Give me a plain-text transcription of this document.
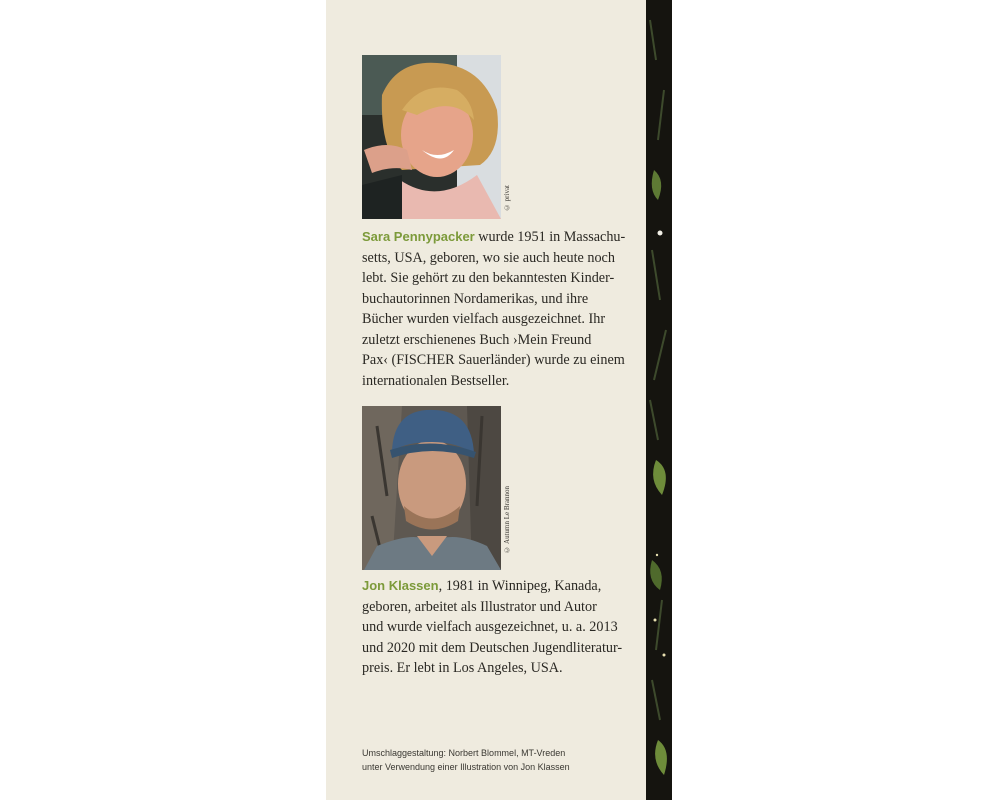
© privat
Sara Pennypacker wurde 1951 in Massachu-
setts, USA, geboren, wo sie auch heute noch
lebt. Sie gehört zu den bekanntesten Kinder-
buchautorinnen Nordamerikas, und ihre
Bücher wurden vielfach ausgezeichnet. Ihr
zuletzt erschienenes Buch ›Mein Freund
Pax‹ (FISCHER Sauerländer) wurde zu einem
internationalen Bestseller.
© Autumn Le Brannon
Jon Klassen, 1981 in Winnipeg, Kanada,
geboren, arbeitet als Illustrator und Autor
und wurde vielfach ausgezeichnet, u. a. 2013
und 2020 mit dem Deutschen Jugendliteratur-
preis. Er lebt in Los Angeles, USA.
Umschlaggestaltung: Norbert Blommel, MT-Vreden
unter Verwendung einer Illustration von Jon Klassen
